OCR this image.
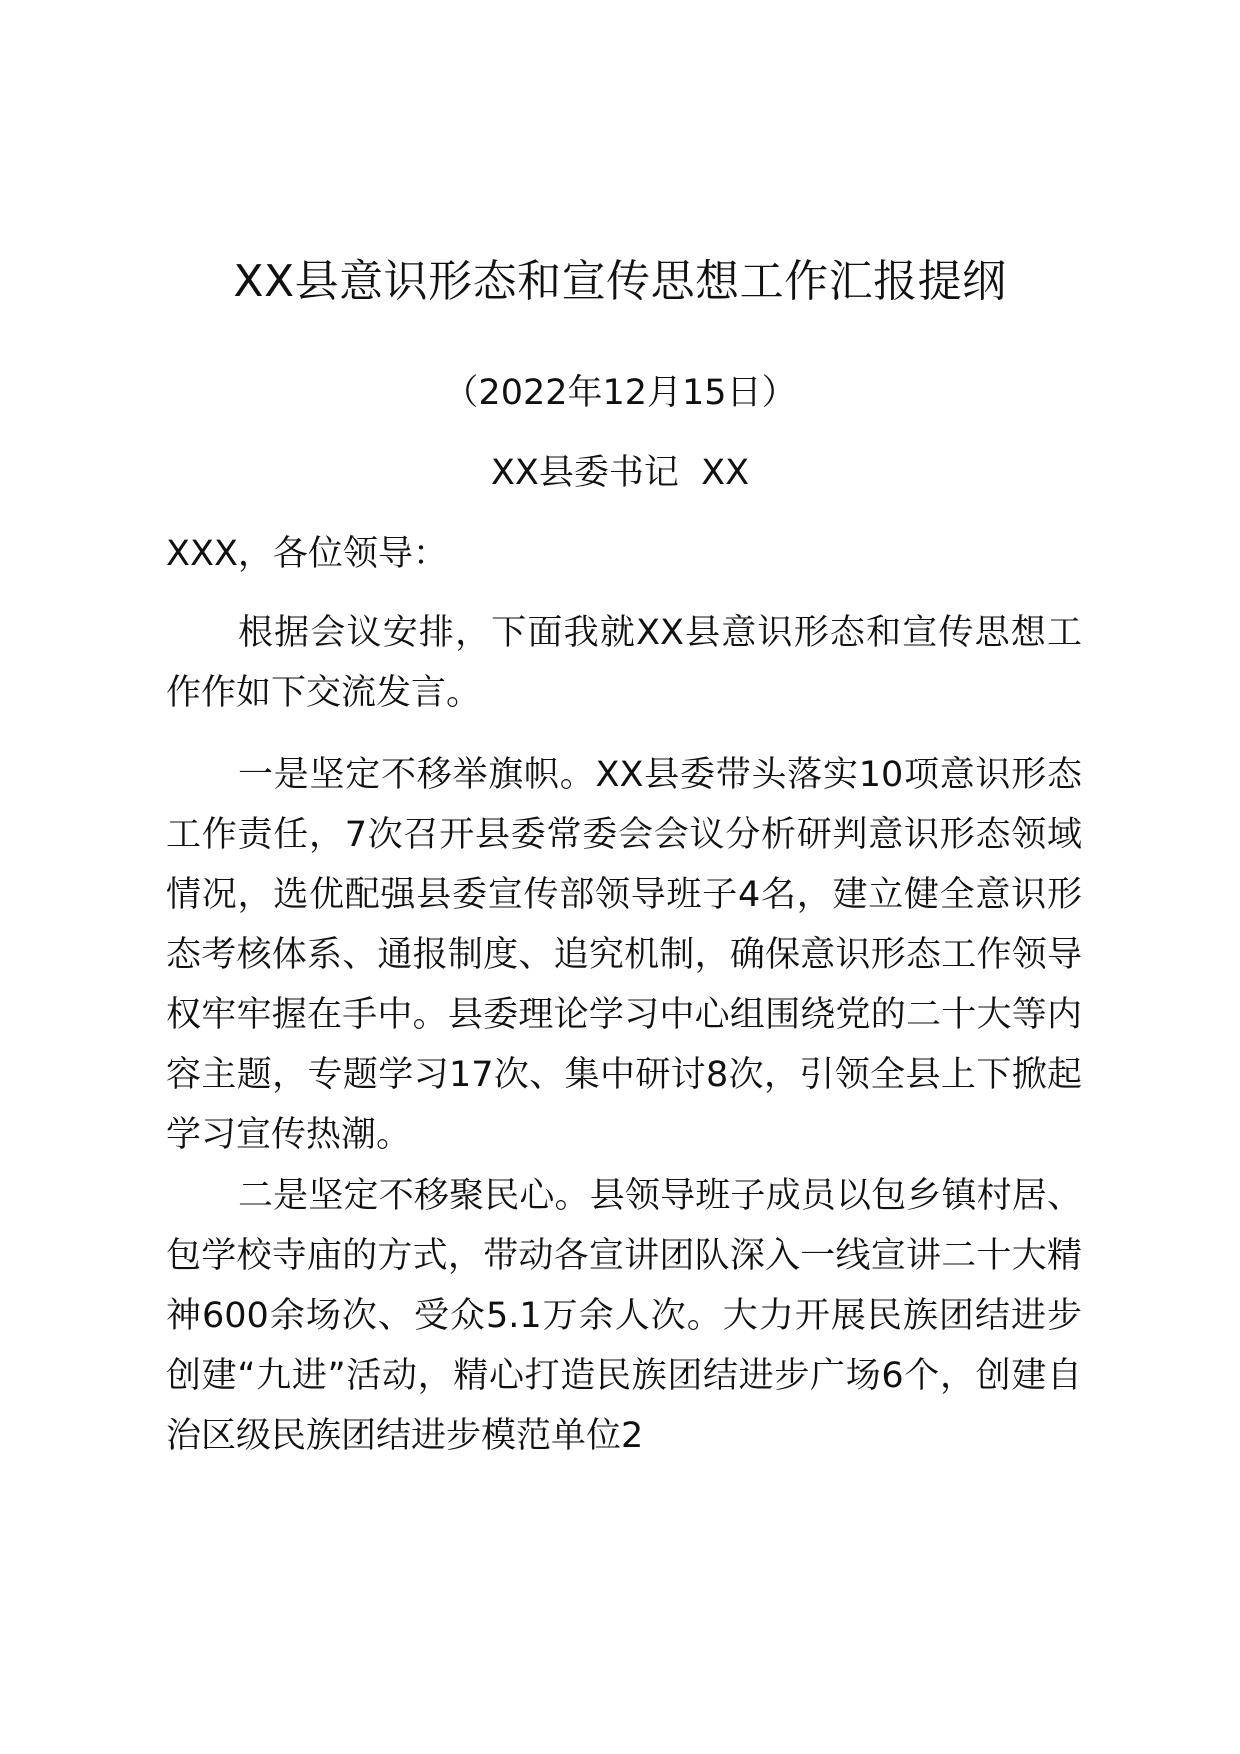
XX县意识形态和宣传思想工作汇报提纲
（2022年12月15日）
XX县委书记  XX
XXX，各位领导：
根据会议安排，下面我就XX县意识形态和宣传思想工作作如下交流发言。
一是坚定不移举旗帜。XX县委带头落实10项意识形态工作责任，7次召开县委常委会会议分析研判意识形态领域情况，选优配强县委宣传部领导班子4名，建立健全意识形态考核体系、通报制度、追究机制，确保意识形态工作领导权牢牢握在手中。县委理论学习中心组围绕党的二十大等内容主题，专题学习17次、集中研讨8次，引领全县上下掀起学习宣传热潮。
二是坚定不移聚民心。县领导班子成员以包乡镇村居、包学校寺庙的方式，带动各宣讲团队深入一线宣讲二十大精神600余场次、受众5.1万余人次。大力开展民族团结进步创建“九进”活动，精心打造民族团结进步广场6个，创建自治区级民族团结进步模范单位2
